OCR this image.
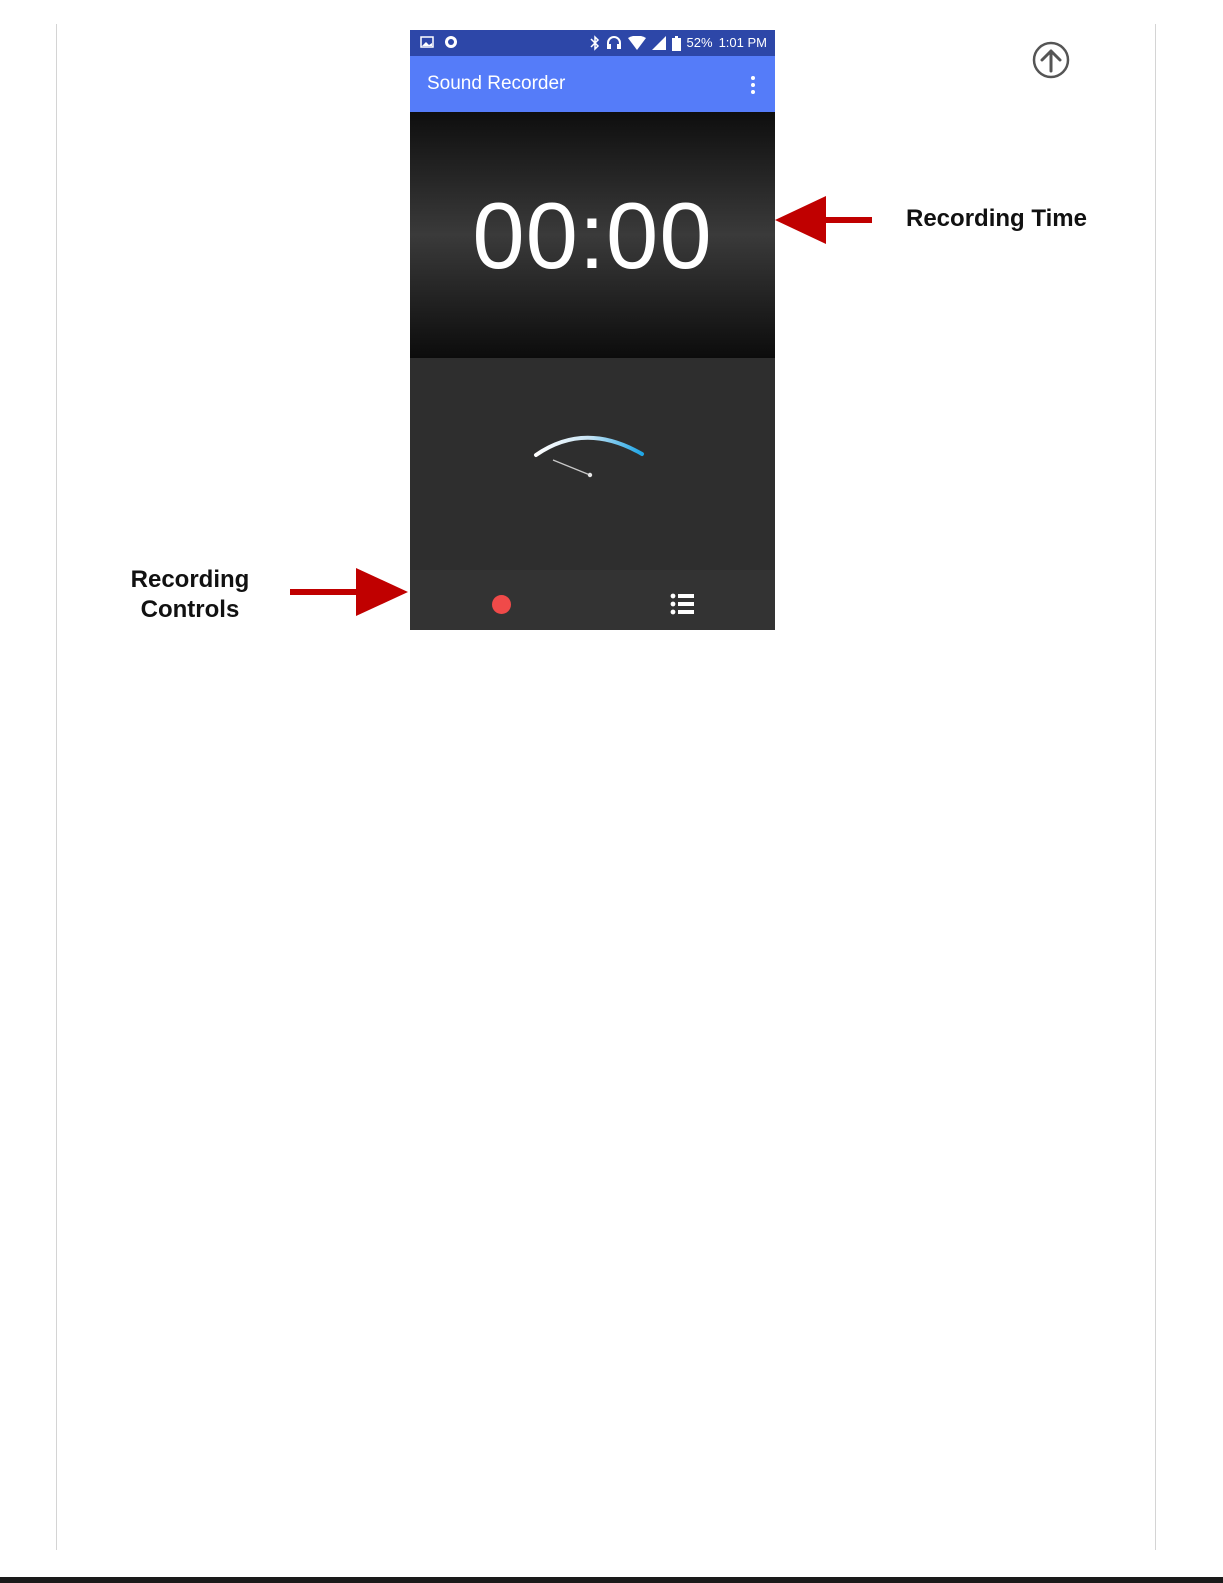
52% 1:01 PM
Sound Recorder
00:00	Recording Time
Recording
Controls
